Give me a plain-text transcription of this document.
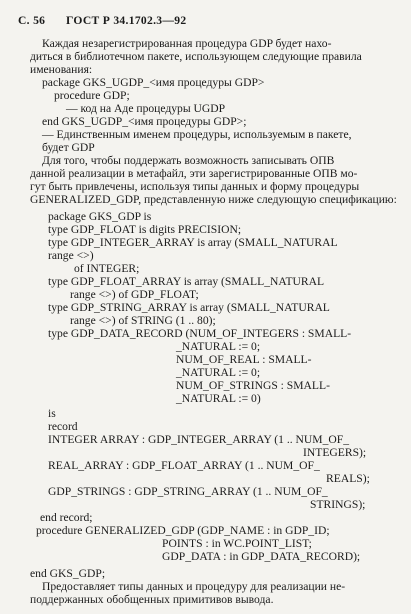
С. 56 ГОСТ Р 34.1702.3—92
Каждая незарегистрированная процедура GDP будет нахо-
диться в библиотечном пакете, использующем следующие правила
именования:
package GKS_UGDP_<имя процедуры GDP>
procedure GDP;
— код на Аде процедуры UGDP
end GKS_UGDP_<имя процедуры GDP>;
— Единственным именем процедуры, используемым в пакете,
будет GDP
Для того, чтобы поддержать возможность записывать ОПВ
данной реализации в метафайл, эти зарегистрированные ОПВ мо-
гут быть привлечены, используя типы данных и форму процедуры
GENERALIZED_GDP, представленную ниже следующую спецификацию:
package GKS_GDP is
type GDP_FLOAT is digits PRECISION;
type GDP_INTEGER_ARRAY is array (SMALL_NATURAL
range <>)
of INTEGER;
type GDP_FLOAT_ARRAY is array (SMALL_NATURAL
range <>) of GDP_FLOAT;
type GDP_STRING_ARRAY is array (SMALL_NATURAL
range <>) of STRING (1 .. 80);
type GDP_DATA_RECORD (NUM_OF_INTEGERS : SMALL-
_NATURAL := 0;
NUM_OF_REAL : SMALL-
_NATURAL := 0;
NUM_OF_STRINGS : SMALL-
_NATURAL := 0)
is
record
INTEGER ARRAY : GDP_INTEGER_ARRAY (1 .. NUM_OF_
INTEGERS);
REAL_ARRAY : GDP_FLOAT_ARRAY (1 .. NUM_OF_
REALS);
GDP_STRINGS : GDP_STRING_ARRAY (1 .. NUM_OF_
STRINGS);
end record;
procedure GENERALIZED_GDP (GDP_NAME : in GDP_ID;
POINTS : in WC.POINT_LIST;
GDP_DATA : in GDP_DATA_RECORD);
end GKS_GDP;
Предоставляет типы данных и процедуру для реализации не-
поддержанных обобщенных примитивов вывода.
